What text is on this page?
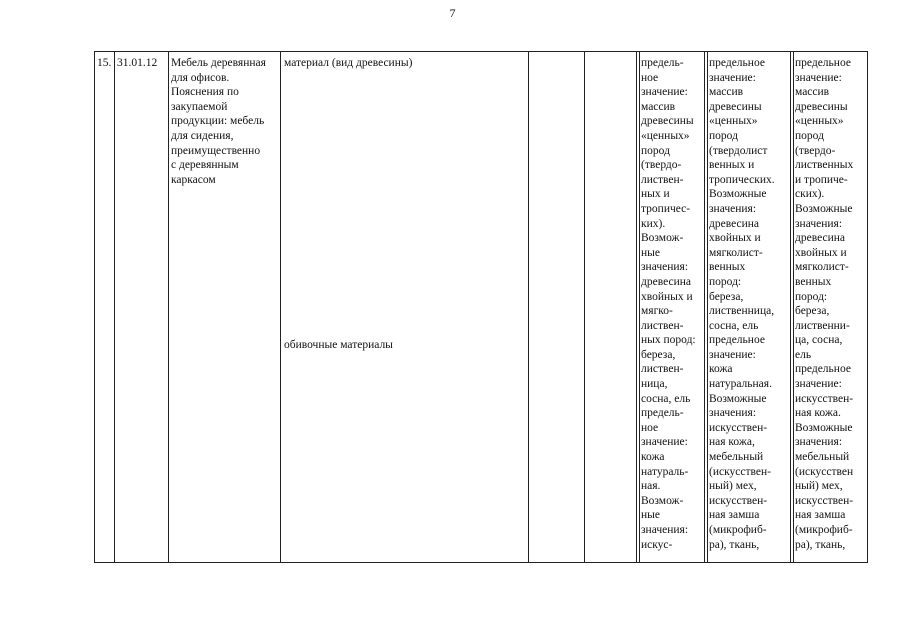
7
15. 31.01.12 Мебель деревянная
для офисов.
Пояснения по
закупаемой
продукции: мебель
для сидения,
преимущественно
с деревянным
каркасом
материал (вид древесины)
обивочные материалы
предель-
ное
значение:
массив
древесины
«ценных»
пород
(твердо-
листвен-
ных и
тропичес-
ких).
Возмож-
ные
значения:
древесина
хвойных и
мягко-
листвен-
ных пород:
береза,
листвен-
ница,
сосна, ель
предель-
ное
значение:
кожа
натураль-
ная.
Возмож-
ные
значения:
искус-
предельное
значение:
массив
древесины
«ценных»
пород
(твердолист
венных и
тропических.
Возможные
значения:
древесина
хвойных и
мягколист-
венных
пород:
береза,
лиственница,
сосна, ель
предельное
значение:
кожа
натуральная.
Возможные
значения:
искусствен-
ная кожа,
мебельный
(искусствен-
ный) мех,
искусствен-
ная замша
(микрофиб-
ра), ткань,
предельное
значение:
массив
древесины
«ценных»
пород
(твердо-
лиственных
и тропиче-
ских).
Возможные
значения:
древесина
хвойных и
мягколист-
венных
пород:
береза,
лиственни-
ца, сосна,
ель
предельное
значение:
искусствен-
ная кожа.
Возможные
значения:
мебельный
(искусствен
ный) мех,
искусствен-
ная замша
(микрофиб-
ра), ткань,
